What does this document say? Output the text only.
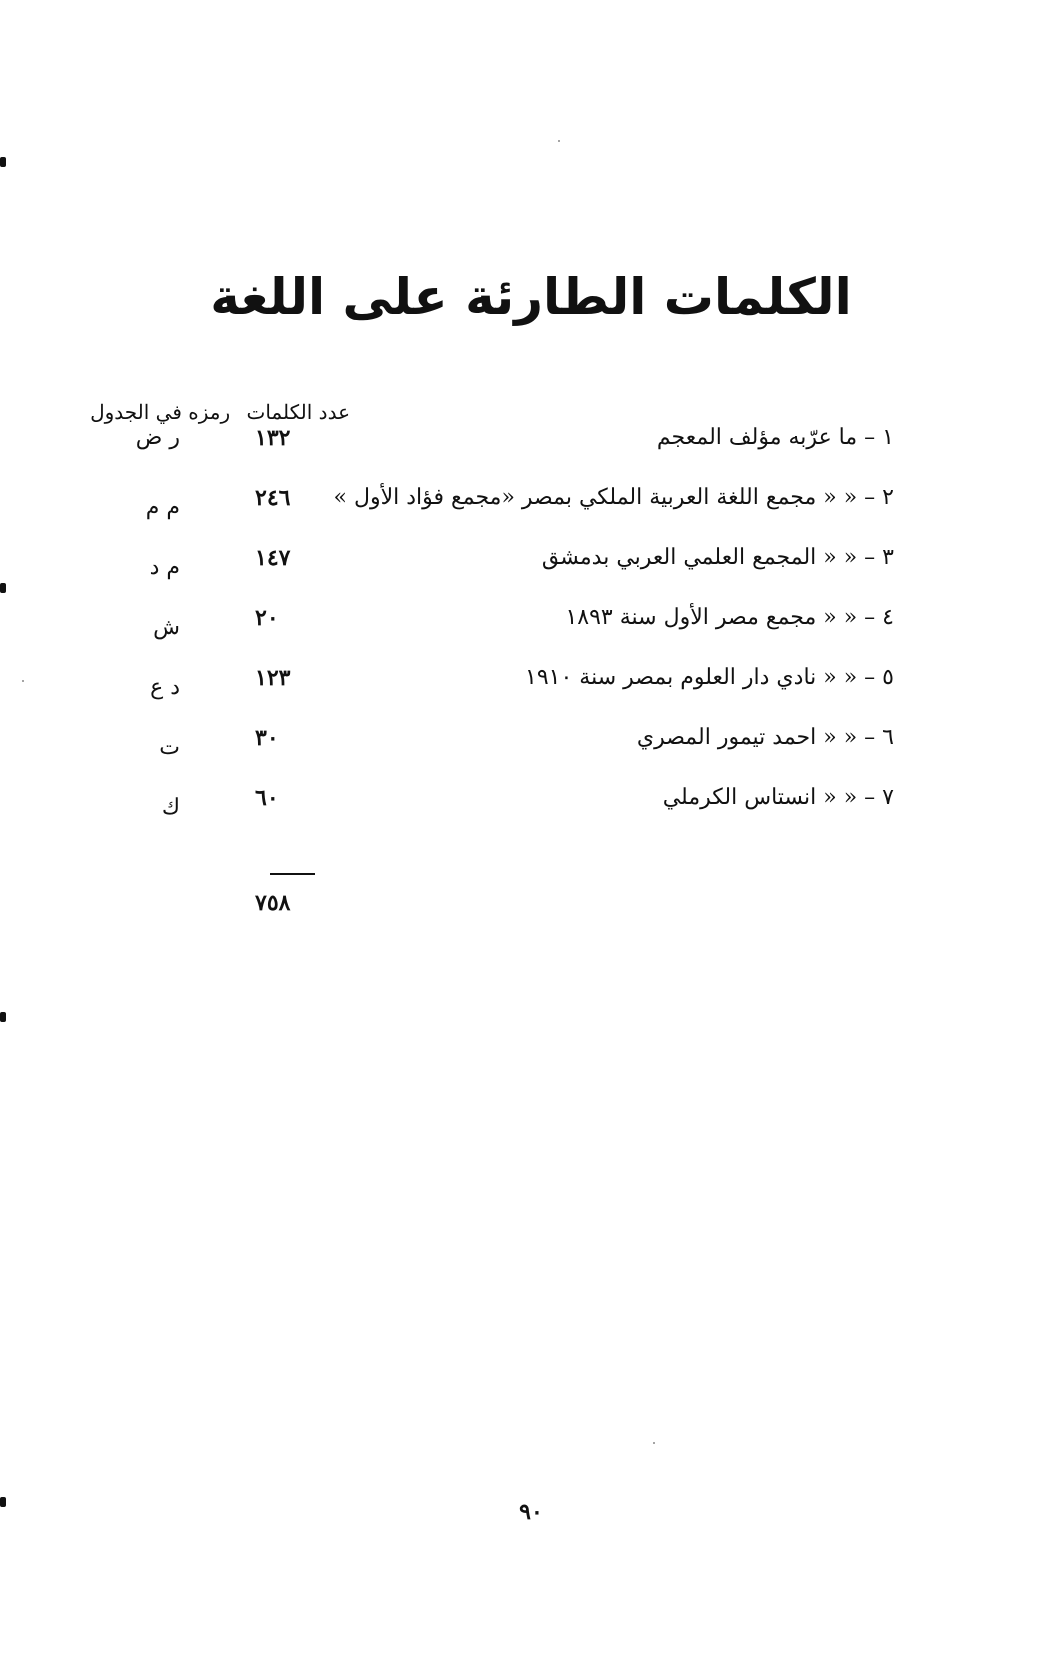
الكلمات الطارئة على اللغة
عدد الكلمات رمزه في الجدول
١ – ما عرّبه مؤلف المعجم
١٣٢
ر ض
٢ – « « مجمع اللغة العربية الملكي بمصر «مجمع فؤاد الأول »
٢٤٦
م م
٣ – « « المجمع العلمي العربي بدمشق
١٤٧
م د
٤ – « « مجمع مصر الأول سنة ١٨٩٣
٢٠
ش
٥ – « « نادي دار العلوم بمصر سنة ١٩١٠
١٢٣
د ع
٦ – « « احمد تيمور المصري
٣٠
ت
٧ – « « انستاس الكرملي
٦٠
ك
٧٥٨
٩٠
